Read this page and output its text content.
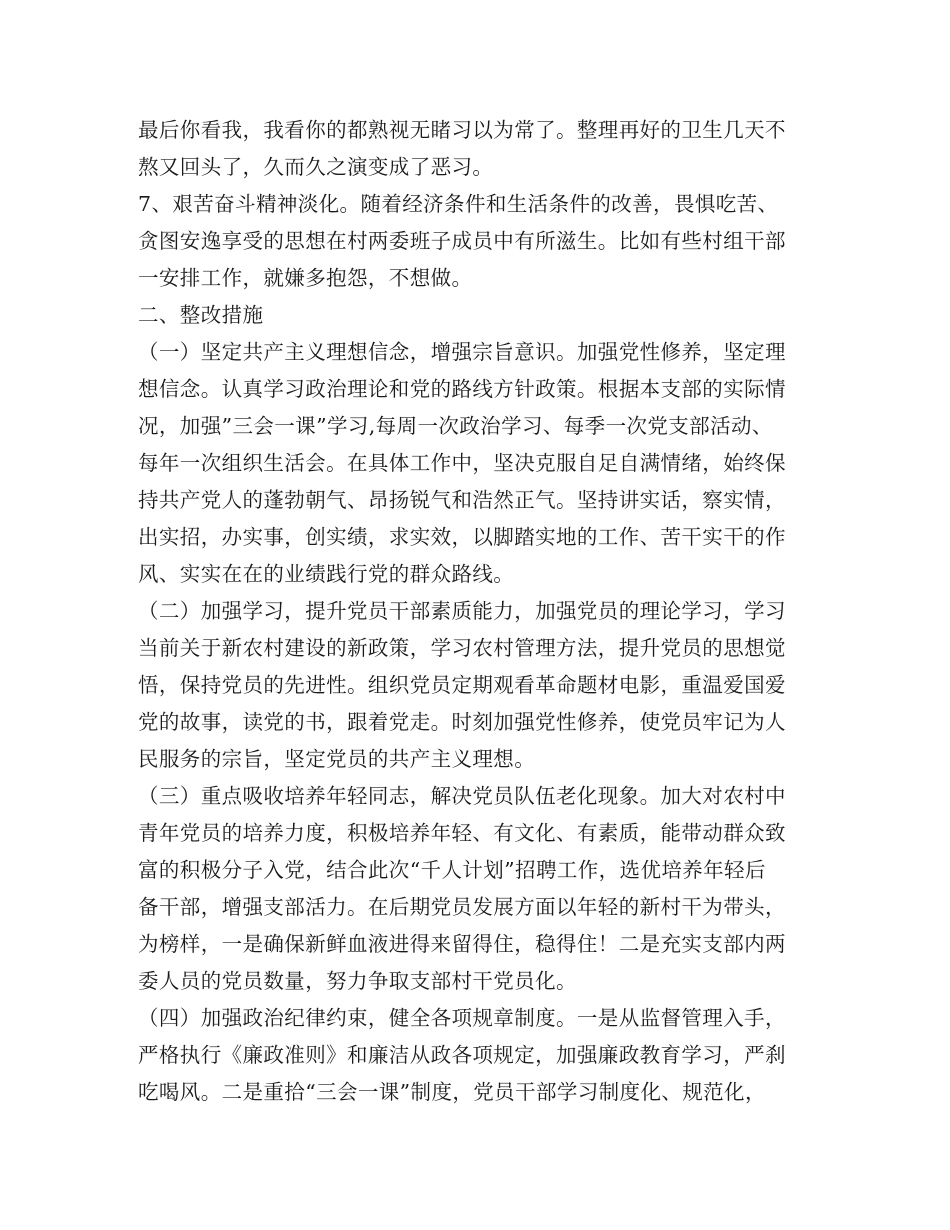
最后你看我，我看你的都熟视无睹习以为常了。整理再好的卫生几天不
熬又回头了，久而久之演变成了恶习。
7、艰苦奋斗精神淡化。随着经济条件和生活条件的改善，畏惧吃苦、
贪图安逸享受的思想在村两委班子成员中有所滋生。比如有些村组干部
一安排工作，就嫌多抱怨，不想做。
二、整改措施
（一）坚定共产主义理想信念，增强宗旨意识。加强党性修养，坚定理
想信念。认真学习政治理论和党的路线方针政策。根据本支部的实际情
况，加强”三会一课”学习,每周一次政治学习、每季一次党支部活动、
每年一次组织生活会。在具体工作中，坚决克服自足自满情绪，始终保
持共产党人的蓬勃朝气、昂扬锐气和浩然正气。坚持讲实话，察实情，
出实招，办实事，创实绩，求实效，以脚踏实地的工作、苦干实干的作
风、实实在在的业绩践行党的群众路线。
（二）加强学习，提升党员干部素质能力，加强党员的理论学习，学习
当前关于新农村建设的新政策，学习农村管理方法，提升党员的思想觉
悟，保持党员的先进性。组织党员定期观看革命题材电影，重温爱国爱
党的故事，读党的书，跟着党走。时刻加强党性修养，使党员牢记为人
民服务的宗旨，坚定党员的共产主义理想。
（三）重点吸收培养年轻同志，解决党员队伍老化现象。加大对农村中
青年党员的培养力度，积极培养年轻、有文化、有素质，能带动群众致
富的积极分子入党，结合此次“千人计划”招聘工作，选优培养年轻后
备干部，增强支部活力。在后期党员发展方面以年轻的新村干为带头，
为榜样，一是确保新鲜血液进得来留得住，稳得住！二是充实支部内两
委人员的党员数量，努力争取支部村干党员化。
（四）加强政治纪律约束，健全各项规章制度。一是从监督管理入手，
严格执行《廉政准则》和廉洁从政各项规定，加强廉政教育学习，严刹
吃喝风。二是重拾“三会一课”制度，党员干部学习制度化、规范化，
